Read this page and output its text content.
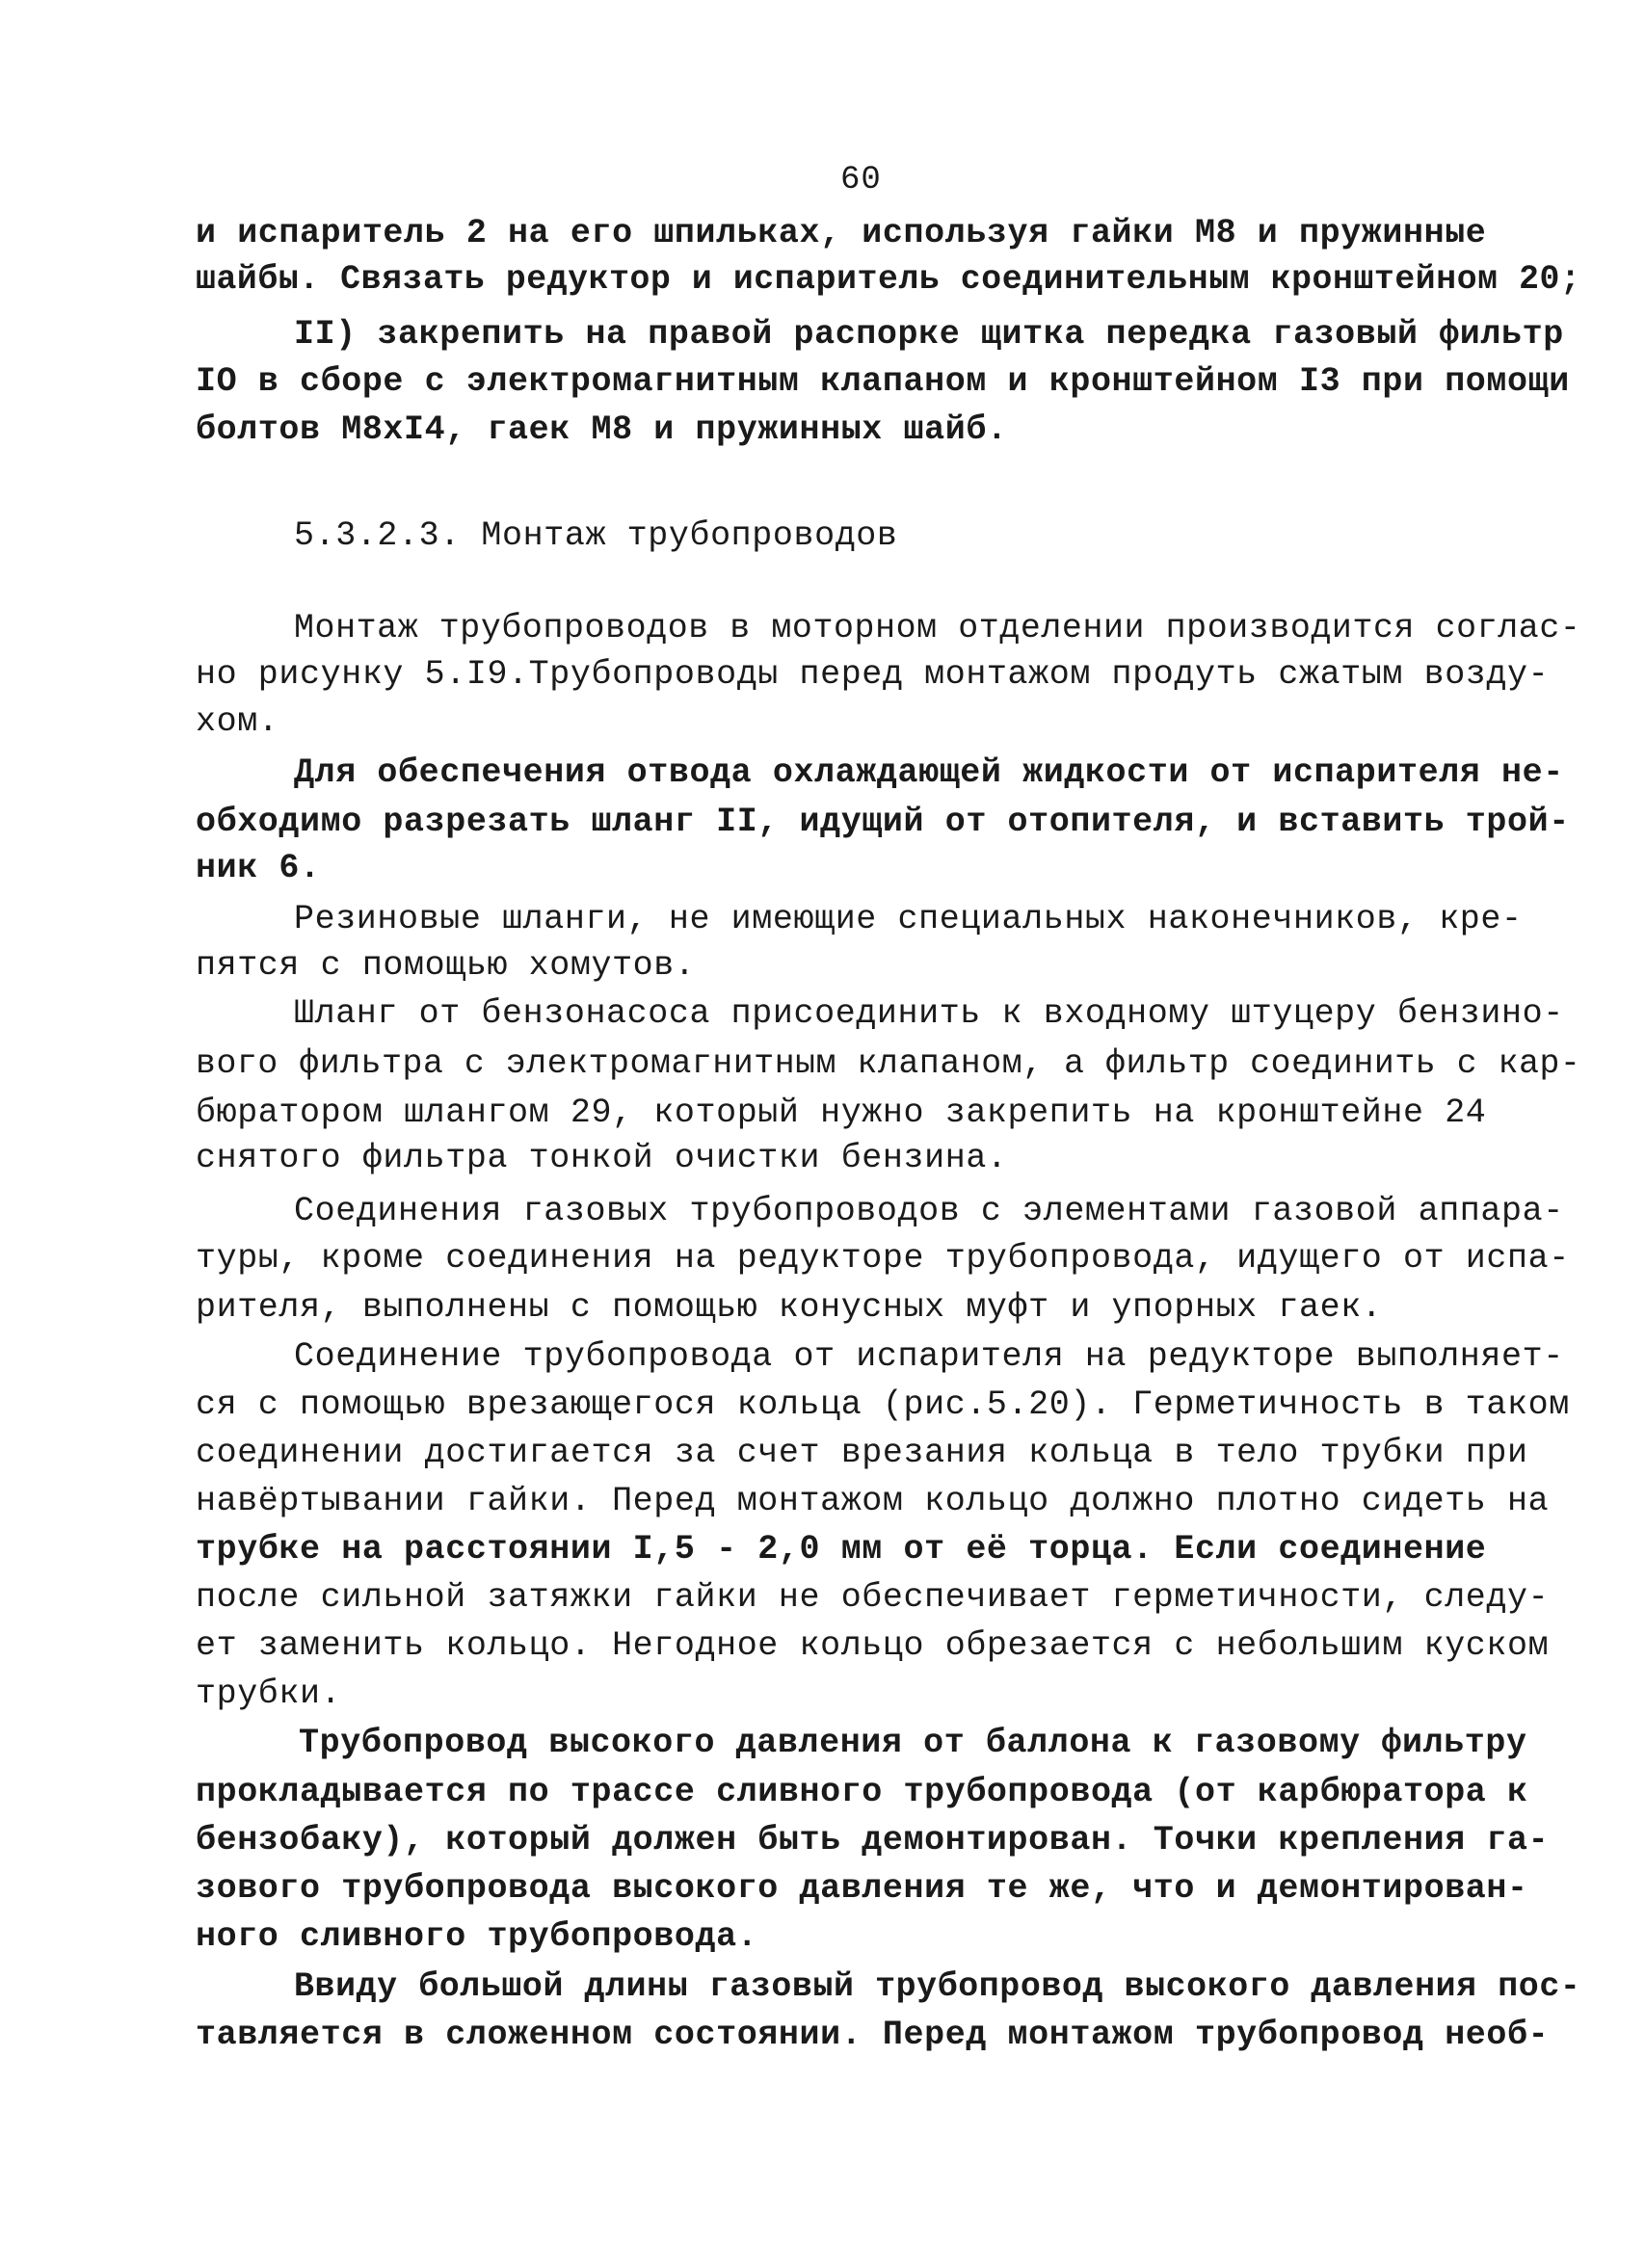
60
и испаритель 2 на его шпильках, используя гайки М8 и пружинные
шайбы. Связать редуктор и испаритель соединительным кронштейном 20;
II) закрепить на правой распорке щитка передка газовый фильтр
IO в сборе с электромагнитным клапаном и кронштейном I3 при помощи
болтов М8хI4, гаек М8 и пружинных шайб.
5.3.2.3. Монтаж трубопроводов
Монтаж трубопроводов в моторном отделении производится соглас-
но рисунку 5.I9.Трубопроводы перед монтажом продуть сжатым возду-
хом.
Для обеспечения отвода охлаждающей жидкости от испарителя не-
обходимо разрезать шланг II, идущий от отопителя, и вставить трой-
ник 6.
Резиновые шланги, не имеющие специальных наконечников, кре-
пятся с помощью хомутов.
Шланг от бензонасоса присоединить к входному штуцеру бензино-
вого фильтра с электромагнитным клапаном, а фильтр соединить с кар-
бюратором шлангом 29, который нужно закрепить на кронштейне 24
снятого фильтра тонкой очистки бензина.
Соединения газовых трубопроводов с элементами газовой аппара-
туры, кроме соединения на редукторе трубопровода, идущего от испа-
рителя, выполнены с помощью конусных муфт и упорных гаек.
Соединение трубопровода от испарителя на редукторе выполняет-
ся с помощью врезающегося кольца (рис.5.20). Герметичность в таком
соединении достигается за счет врезания кольца в тело трубки при
навёртывании гайки. Перед монтажом кольцо должно плотно сидеть на
трубке на расстоянии I,5 - 2,0 мм от её торца. Если соединение
после сильной затяжки гайки не обеспечивает герметичности, следу-
ет заменить кольцо. Негодное кольцо обрезается с небольшим куском
трубки.
Трубопровод высокого давления от баллона к газовому фильтру
прокладывается по трассе сливного трубопровода (от карбюратора к
бензобаку), который должен быть демонтирован. Точки крепления га-
зового трубопровода высокого давления те же, что и демонтирован-
ного сливного трубопровода.
Ввиду большой длины газовый трубопровод высокого давления пос-
тавляется в сложенном состоянии. Перед монтажом трубопровод необ-
